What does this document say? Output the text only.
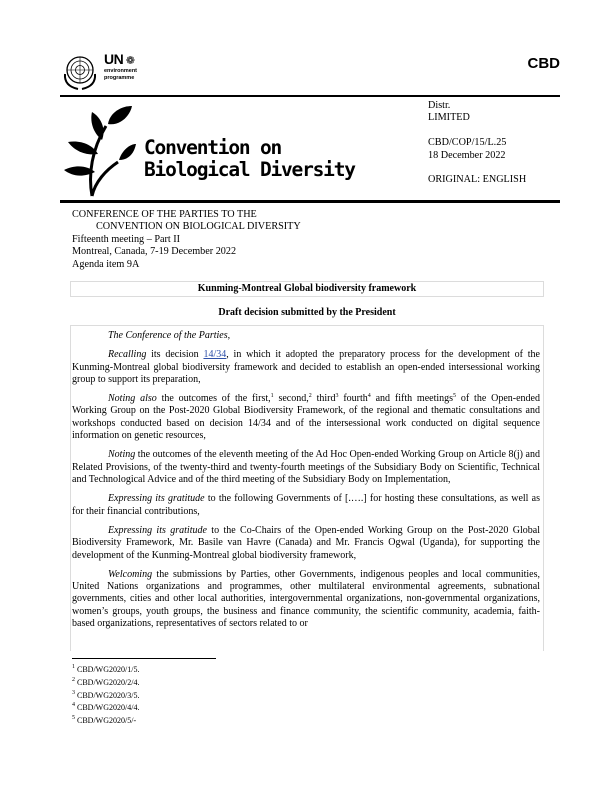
UN ❁
environment
programme
CBD
Convention on
Biological Diversity
Distr.
LIMITED
CBD/COP/15/L.25
18 December 2022
ORIGINAL: ENGLISH
CONFERENCE OF THE PARTIES TO THE
CONVENTION ON BIOLOGICAL DIVERSITY
Fifteenth meeting – Part II
Montreal, Canada, 7-19 December 2022
Agenda item 9A
Kunming-Montreal Global biodiversity framework
Draft decision submitted by the President

The Conference of the Parties,

Recalling its decision 14/34, in which it adopted the preparatory process for the development of the Kunming-Montreal global biodiversity framework and decided to establish an open-ended intersessional working group to support its preparation,

Noting also the outcomes of the first,$^1$ second,$^2$ third$^3$ fourth$^4$ and fifth meetings$^5$ of the Open-ended Working Group on the Post-2020 Global Biodiversity Framework, of the regional and thematic consultations and workshops conducted based on decision 14/34 and of the intersessional work conducted on digital sequence information on genetic resources,

Noting the outcomes of the eleventh meeting of the Ad Hoc Open-ended Working Group on Article 8(j) and Related Provisions, of the twenty-third and twenty-fourth meetings of the Subsidiary Body on Scientific, Technical and Technological Advice and of the third meeting of the Subsidiary Body on Implementation,

Expressing its gratitude to the following Governments of [.….] for hosting these consultations, as well as for their financial contributions,

Expressing its gratitude to the Co-Chairs of the Open-ended Working Group on the Post-2020 Global Biodiversity Framework, Mr. Basile van Havre (Canada) and Mr. Francis Ogwal (Uganda), for supporting the development of the Kunming-Montreal global biodiversity framework,

Welcoming the submissions by Parties, other Governments, indigenous peoples and local communities, United Nations organizations and programmes, other multilateral environmental agreements, subnational governments, cities and other local authorities, intergovernmental organizations, non-governmental organizations, women’s groups, youth groups, the business and finance community, the scientific community, academia, faith-based organizations, representatives of sectors related to or

$^1$ CBD/WG2020/1/5.
$^2$ CBD/WG2020/2/4.
$^3$ CBD/WG2020/3/5.
$^4$ CBD/WG2020/4/4.
$^5$ CBD/WG2020/5/-
